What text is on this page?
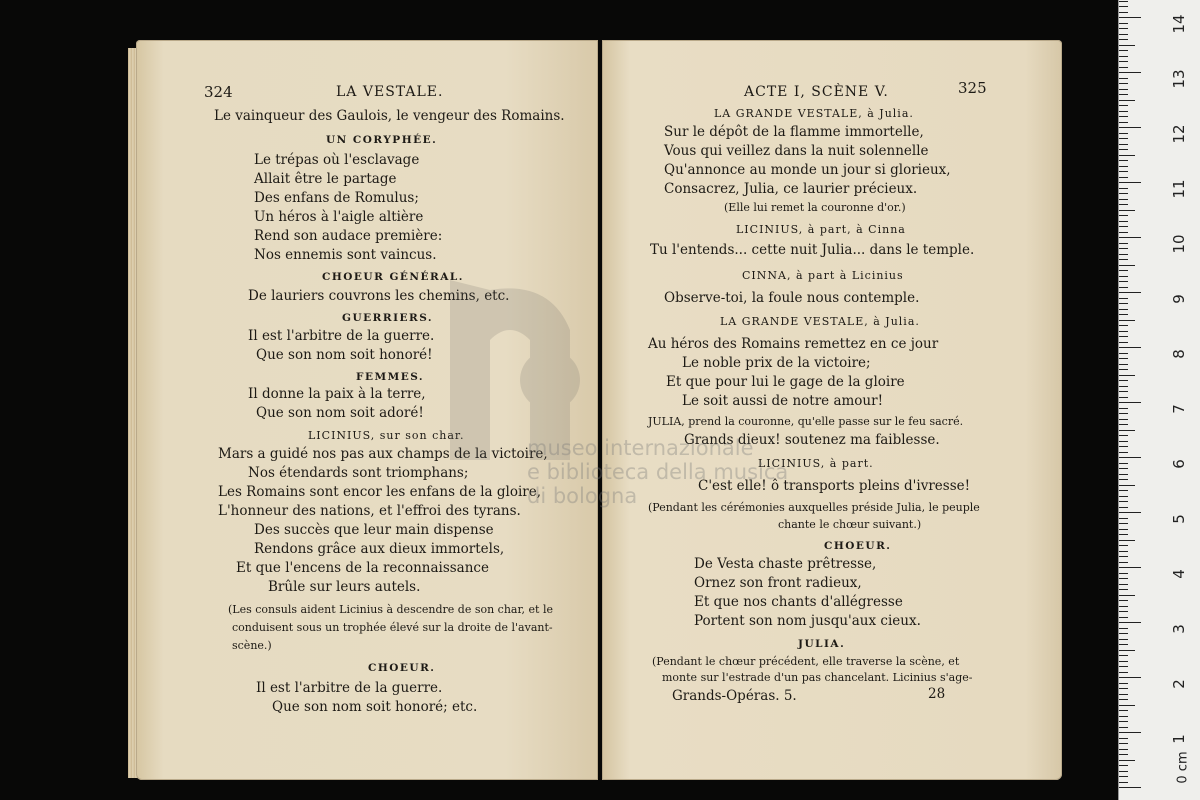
324	LA VESTALE.
Le vainqueur des Gaulois, le vengeur des Romains.
UN CORYPHÉE.
Le trépas où l'esclavage
Allait être le partage
Des enfans de Romulus;
Un héros à l'aigle altière
Rend son audace première:
Nos ennemis sont vaincus.
CHOEUR GÉNÉRAL.
De lauriers couvrons les chemins, etc.
GUERRIERS.
Il est l'arbitre de la guerre.
Que son nom soit honoré!
FEMMES.
Il donne la paix à la terre,
Que son nom soit adoré!
LICINIUS, sur son char.
Mars a guidé nos pas aux champs de la victoire,
Nos étendards sont triomphans;
Les Romains sont encor les enfans de la gloire,
L'honneur des nations, et l'effroi des tyrans.
Des succès que leur main dispense
Rendons grâce aux dieux immortels,
Et que l'encens de la reconnaissance
Brûle sur leurs autels.
(Les consuls aident Licinius à descendre de son char, et le
conduisent sous un trophée élevé sur la droite de l'avant-
scène.)
CHOEUR.
Il est l'arbitre de la guerre.
Que son nom soit honoré; etc.
ACTE I, SCÈNE V.	325
LA GRANDE VESTALE, à Julia.
Sur le dépôt de la flamme immortelle,
Vous qui veillez dans la nuit solennelle
Qu'annonce au monde un jour si glorieux,
Consacrez, Julia, ce laurier précieux.
(Elle lui remet la couronne d'or.)
LICINIUS, à part, à Cinna
Tu l'entends... cette nuit Julia... dans le temple.
CINNA, à part à Licinius
Observe-toi, la foule nous contemple.
LA GRANDE VESTALE, à Julia.
Au héros des Romains remettez en ce jour
Le noble prix de la victoire;
Et que pour lui le gage de la gloire
Le soit aussi de notre amour!
JULIA, prend la couronne, qu'elle passe sur le feu sacré.
Grands dieux! soutenez ma faiblesse.
LICINIUS, à part.
C'est elle! ô transports pleins d'ivresse!
(Pendant les cérémonies auxquelles préside Julia, le peuple
chante le chœur suivant.)
CHOEUR.
De Vesta chaste prêtresse,
Ornez son front radieux,
Et que nos chants d'allégresse
Portent son nom jusqu'aux cieux.
JULIA.
(Pendant le chœur précédent, elle traverse la scène, et
monte sur l'estrade d'un pas chancelant. Licinius s'age-
Grands-Opéras. 5.	28
museo internazionale
e biblioteca della musica
di bologna
0 cm
1
2
3
4
5
6
7
8
9
10
11
12
13
14
